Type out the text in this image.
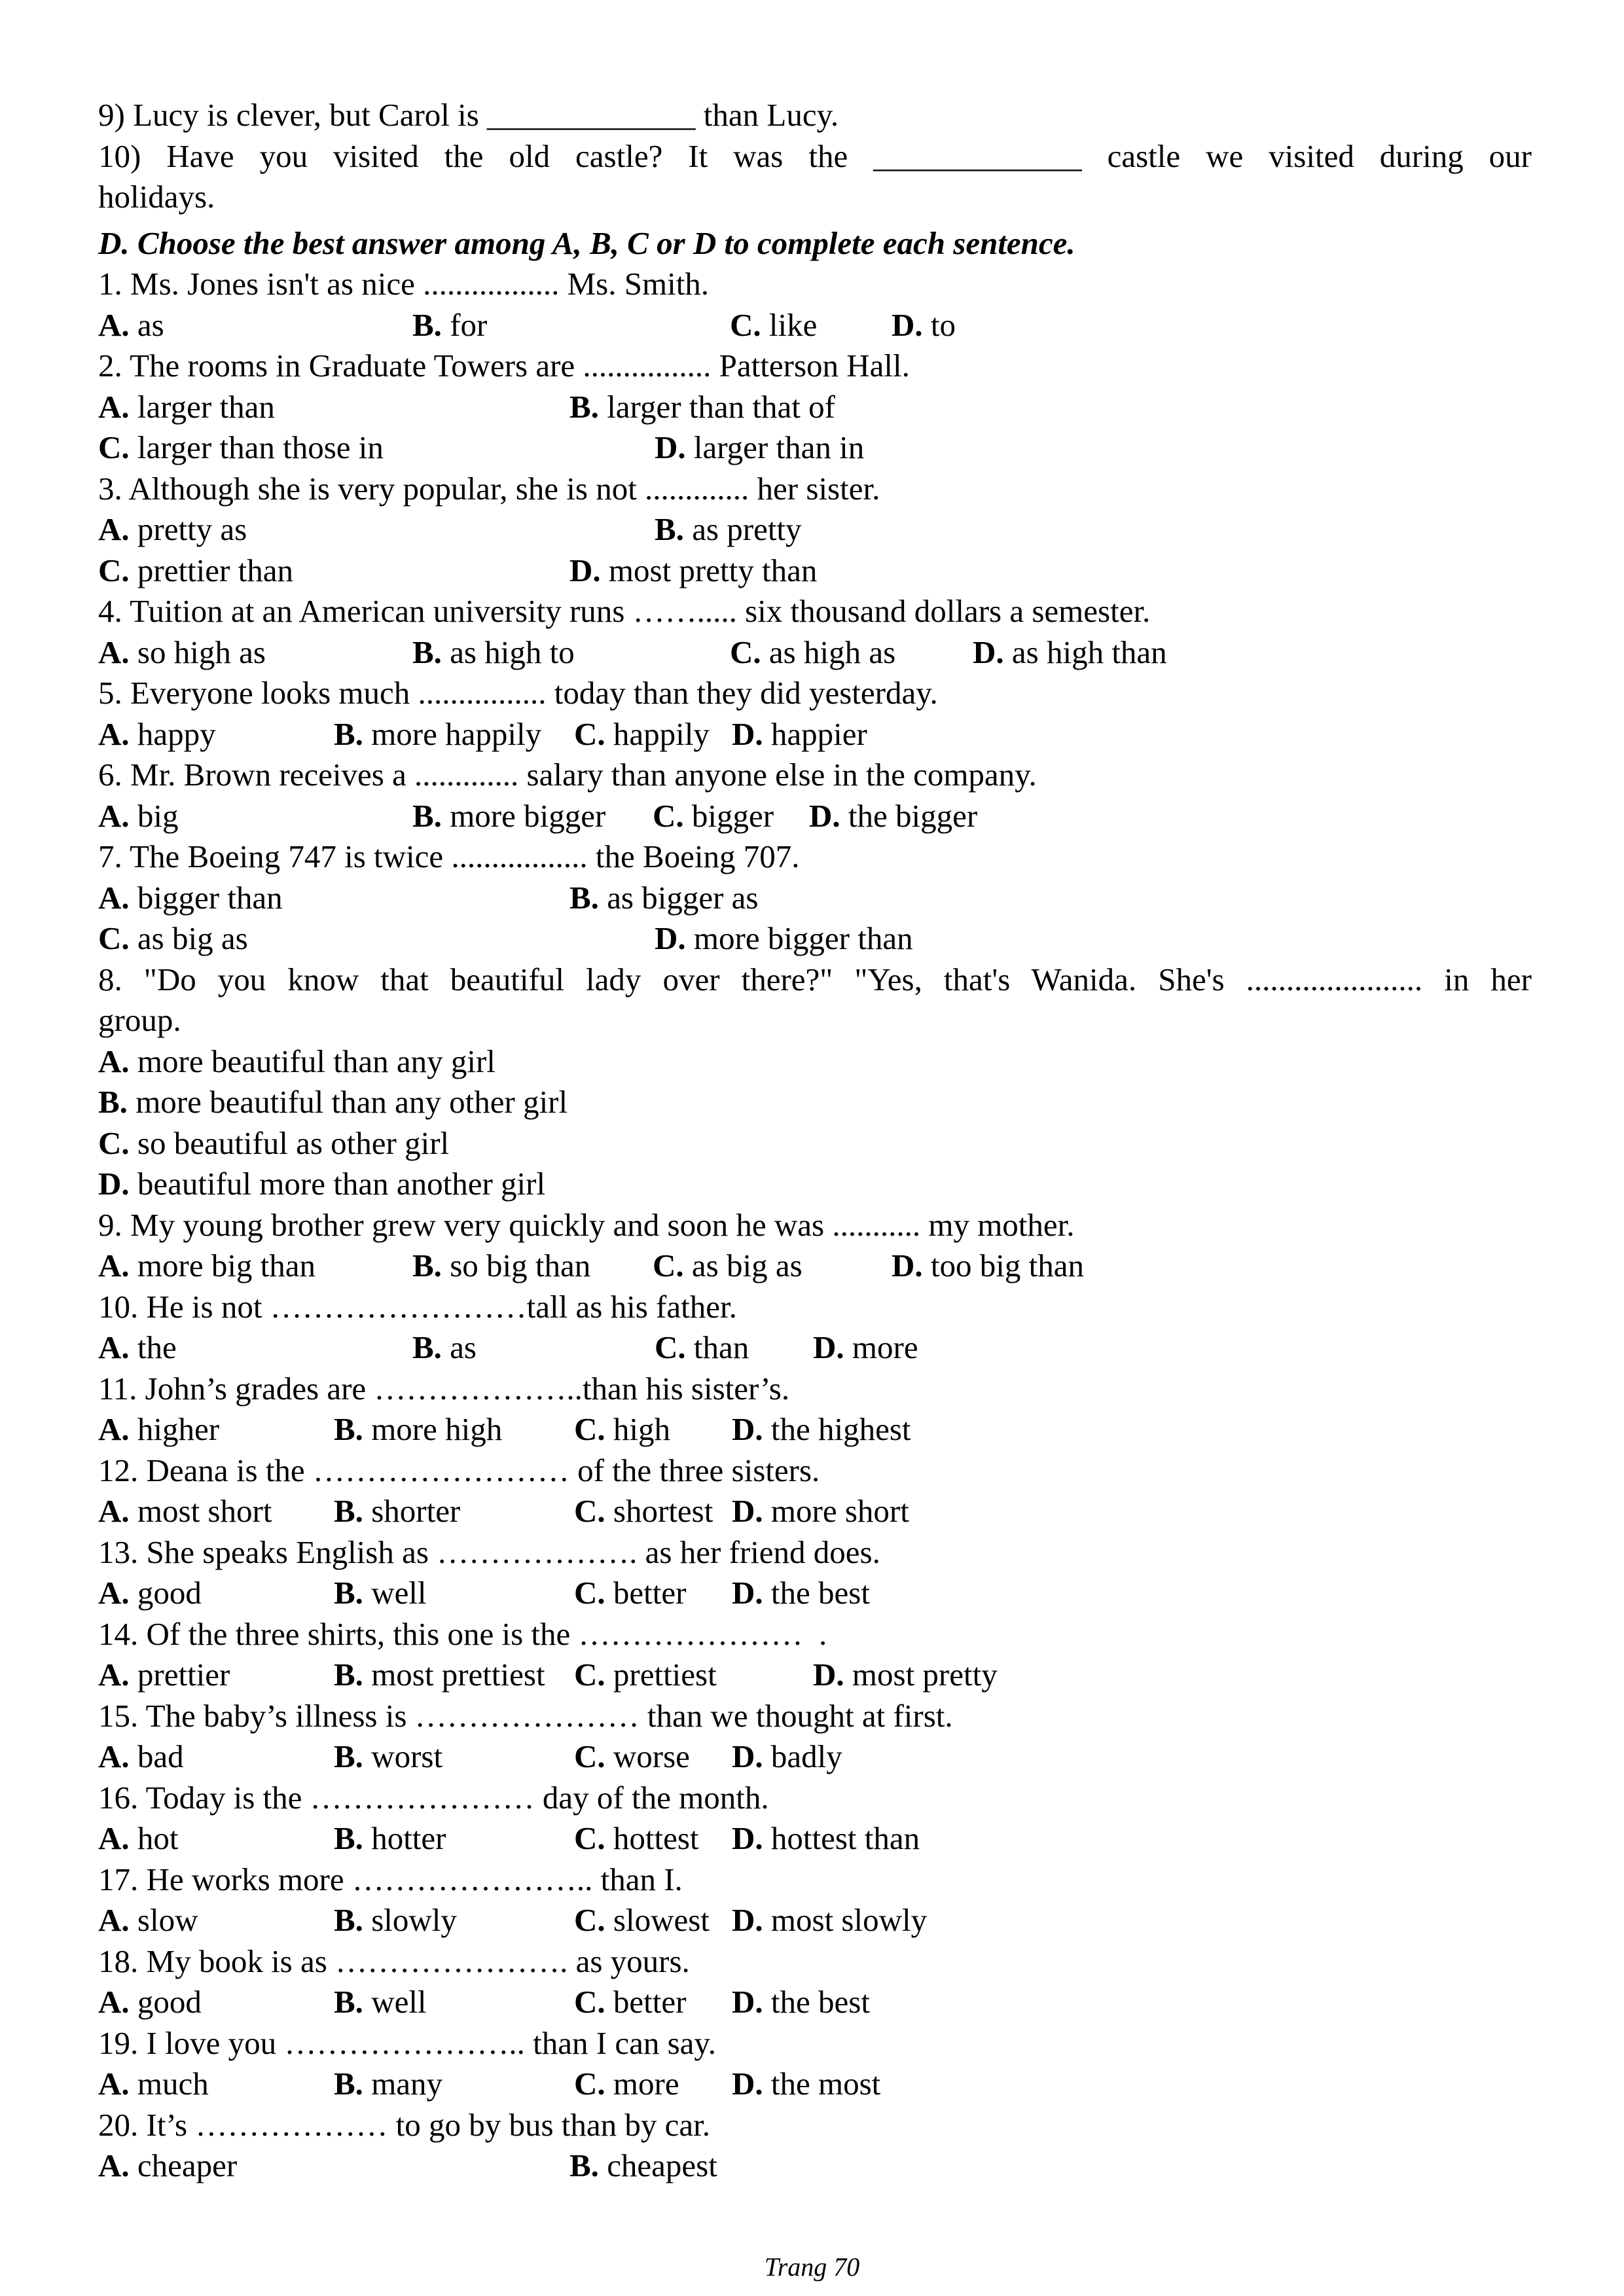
9) Lucy is clever, but Carol is _____________ than Lucy.
10) Have you visited the old castle? It was the _____________ castle we visited during our
holidays.
D. Choose the best answer among A, B, C or D to complete each sentence.
1. Ms. Jones isn't as nice ................. Ms. Smith.
A. as	B. for	C. like D. to
2. The rooms in Graduate Towers are ................ Patterson Hall.
A. larger than	B. larger than that of
C. larger than those in	D. larger than in
3. Although she is very popular, she is not ............. her sister.
A. pretty as	B. as pretty
C. prettier than	D. most pretty than
4. Tuition at an American university runs ……..... six thousand dollars a semester.
A. so high as	B. as high to	C. as high as D. as high than
5. Everyone looks much ................ today than they did yesterday.
A. happy	B. more happily C. happily D. happier
6. Mr. Brown receives a ............. salary than anyone else in the company.
A. big	B. more bigger C. bigger D. the bigger
7. The Boeing 747 is twice ................. the Boeing 707.
A. bigger than	B. as bigger as
C. as big as	D. more bigger than
8. "Do you know that beautiful lady over there?" "Yes, that's Wanida. She's ...................... in her
group.
A. more beautiful than any girl
B. more beautiful than any other girl
C. so beautiful as other girl
D. beautiful more than another girl
9. My young brother grew very quickly and soon he was ........... my mother.
A. more big than	B. so big than C. as big as	D. too big than
10. He is not ……………………tall as his father.
A. the	B. as	C. than D. more
11. John’s grades are ………………..than his sister’s.
A. higher	B. more high C. high D. the highest
12. Deana is the …………………… of the three sisters.
A. most short B. shorter	C. shortest D. more short
13. She speaks English as ………………. as her friend does.
A. good	B. well	C. better D. the best
14. Of the three shirts, this one is the …………………  .
A. prettier	B. most prettiest C. prettiest	D. most pretty
15. The baby’s illness is ………………… than we thought at first.
A. bad	B. worst	C. worse D. badly
16. Today is the ………………… day of the month.
A. hot	B. hotter	C. hottest D. hottest than
17. He works more ………………….. than I.
A. slow	B. slowly	C. slowest D. most slowly
18. My book is as …………………. as yours.
A. good	B. well	C. better D. the best
19. I love you ………………….. than I can say.
A. much	B. many	C. more D. the most
20. It’s ……………… to go by bus than by car.
A. cheaper	B. cheapest
Trang 70
